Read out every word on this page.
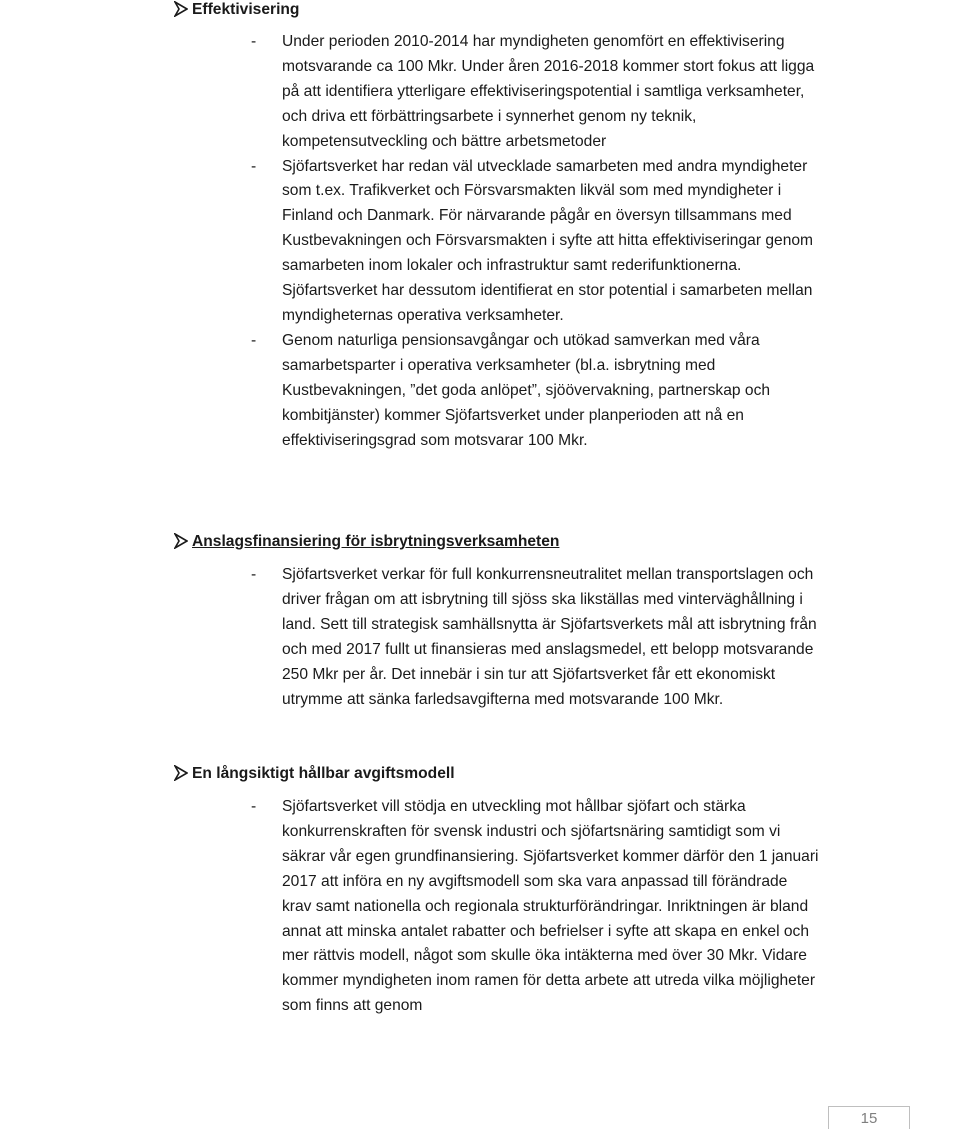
Effektivisering
- Under perioden 2010-2014 har myndigheten genomfört en effektivisering motsvarande ca 100 Mkr. Under åren 2016-2018 kommer stort fokus att ligga på att identifiera ytterligare effektiviseringspotential i samtliga verksamheter, och driva ett förbättringsarbete i synnerhet genom ny teknik, kompetensutveckling och bättre arbetsmetoder
- Sjöfartsverket har redan väl utvecklade samarbeten med andra myndigheter som t.ex. Trafikverket och Försvarsmakten likväl som med myndigheter i Finland och Danmark. För närvarande pågår en översyn tillsammans med Kustbevakningen och Försvarsmakten i syfte att hitta effektiviseringar genom samarbeten inom lokaler och infrastruktur samt rederifunktionerna. Sjöfartsverket har dessutom identifierat en stor potential i samarbeten mellan myndigheternas operativa verksamheter.
- Genom naturliga pensionsavgångar och utökad samverkan med våra samarbetsparter i operativa verksamheter (bl.a. isbrytning med Kustbevakningen, ”det goda anlöpet”, sjöövervakning, partnerskap och kombitjänster) kommer Sjöfartsverket under planperioden att nå en effektiviseringsgrad som motsvarar 100 Mkr.
Anslagsfinansiering för isbrytningsverksamheten
- Sjöfartsverket verkar för full konkurrensneutralitet mellan transportslagen och driver frågan om att isbrytning till sjöss ska likställas med vinterväghållning i land. Sett till strategisk samhällsnytta är Sjöfartsverkets mål att isbrytning från och med 2017 fullt ut finansieras med anslagsmedel, ett belopp motsvarande 250 Mkr per år. Det innebär i sin tur att Sjöfartsverket får ett ekonomiskt utrymme att sänka farledsavgifterna med motsvarande 100 Mkr.
En långsiktigt hållbar avgiftsmodell
- Sjöfartsverket vill stödja en utveckling mot hållbar sjöfart och stärka konkurrenskraften för svensk industri och sjöfartsnäring samtidigt som vi säkrar vår egen grundfinansiering. Sjöfartsverket kommer därför den 1 januari 2017 att införa en ny avgiftsmodell som ska vara anpassad till förändrade krav samt nationella och regionala strukturförändringar. Inriktningen är bland annat att minska antalet rabatter och befrielser i syfte att skapa en enkel och mer rättvis modell, något som skulle öka intäkterna med över 30 Mkr. Vidare kommer myndigheten inom ramen för detta arbete att utreda vilka möjligheter som finns att genom
15
